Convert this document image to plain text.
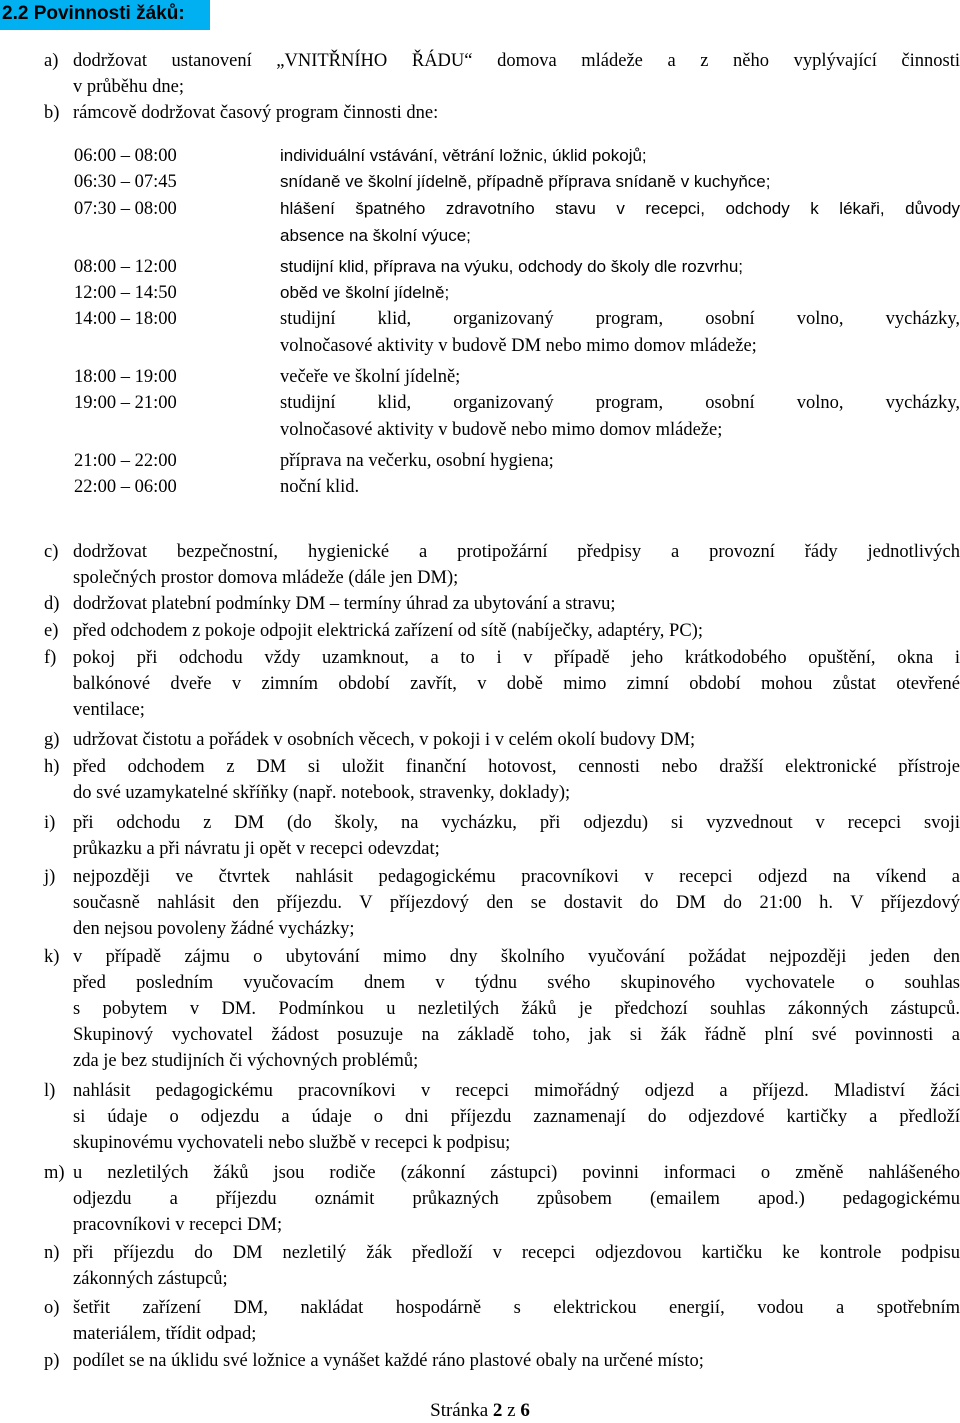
2.2 Povinnosti žáků:
a) dodržovat ustanovení „VNITŘNÍHO ŘÁDU“ domova mládeže a z něho vyplývající činnosti
v průběhu dne;
b) rámcově dodržovat časový program činnosti dne:
06:00 – 08:00	individuální vstávání, větrání ložnic, úklid pokojů;
06:30 – 07:45	snídaně ve školní jídelně, případně příprava snídaně v kuchyňce;
07:30 – 08:00	hlášení špatného zdravotního stavu v recepci, odchody k lékaři, důvody
absence na školní výuce;
08:00 – 12:00	studijní klid, příprava na výuku, odchody do školy dle rozvrhu;
12:00 – 14:50	oběd ve školní jídelně;
14:00 – 18:00	studijní klid, organizovaný program, osobní volno, vycházky,
volnočasové aktivity v budově DM nebo mimo domov mládeže;
18:00 – 19:00	večeře ve školní jídelně;
19:00 – 21:00	studijní klid, organizovaný program, osobní volno, vycházky,
volnočasové aktivity v budově nebo mimo domov mládeže;
21:00 – 22:00	příprava na večerku, osobní hygiena;
22:00 – 06:00	noční klid.
c) dodržovat bezpečnostní, hygienické a protipožární předpisy a provozní řády jednotlivých
společných prostor domova mládeže (dále jen DM);
d) dodržovat platební podmínky DM – termíny úhrad za ubytování a stravu;
e) před odchodem z pokoje odpojit elektrická zařízení od sítě (nabíječky, adaptéry, PC);
f) pokoj při odchodu vždy uzamknout, a to i v případě jeho krátkodobého opuštění, okna i
balkónové dveře v zimním období zavřít, v době mimo zimní období mohou zůstat otevřené
ventilace;
g) udržovat čistotu a pořádek v osobních věcech, v pokoji i v celém okolí budovy DM;
h) před odchodem z DM si uložit finanční hotovost, cennosti nebo dražší elektronické přístroje
do své uzamykatelné skříňky (např. notebook, stravenky, doklady);
i) při odchodu z DM (do školy, na vycházku, při odjezdu) si vyzvednout v recepci svoji
průkazku a při návratu ji opět v recepci odevzdat;
j) nejpozději ve čtvrtek nahlásit pedagogickému pracovníkovi v recepci odjezd na víkend a
současně nahlásit den příjezdu. V příjezdový den se dostavit do DM do 21:00 h. V příjezdový
den nejsou povoleny žádné vycházky;
k) v případě zájmu o ubytování mimo dny školního vyučování požádat nejpozději jeden den
před posledním vyučovacím dnem v týdnu svého skupinového vychovatele o souhlas
s pobytem v DM. Podmínkou u nezletilých žáků je předchozí souhlas zákonných zástupců.
Skupinový vychovatel žádost posuzuje na základě toho, jak si žák řádně plní své povinnosti a
zda je bez studijních či výchovných problémů;
l) nahlásit pedagogickému pracovníkovi v recepci mimořádný odjezd a příjezd. Mladiství žáci
si údaje o odjezdu a údaje o dni příjezdu zaznamenají do odjezdové kartičky a předloží
skupinovému vychovateli nebo službě v recepci k podpisu;
m) u nezletilých žáků jsou rodiče (zákonní zástupci) povinni informaci o změně nahlášeného
odjezdu a příjezdu oznámit průkazných způsobem (emailem apod.) pedagogickému
pracovníkovi v recepci DM;
n) při příjezdu do DM nezletilý žák předloží v recepci odjezdovou kartičku ke kontrole podpisu
zákonných zástupců;
o) šetřit zařízení DM, nakládat hospodárně s elektrickou energií, vodou a spotřebním
materiálem, třídit odpad;
p) podílet se na úklidu své ložnice a vynášet každé ráno plastové obaly na určené místo;
Stránka 2 z 6
